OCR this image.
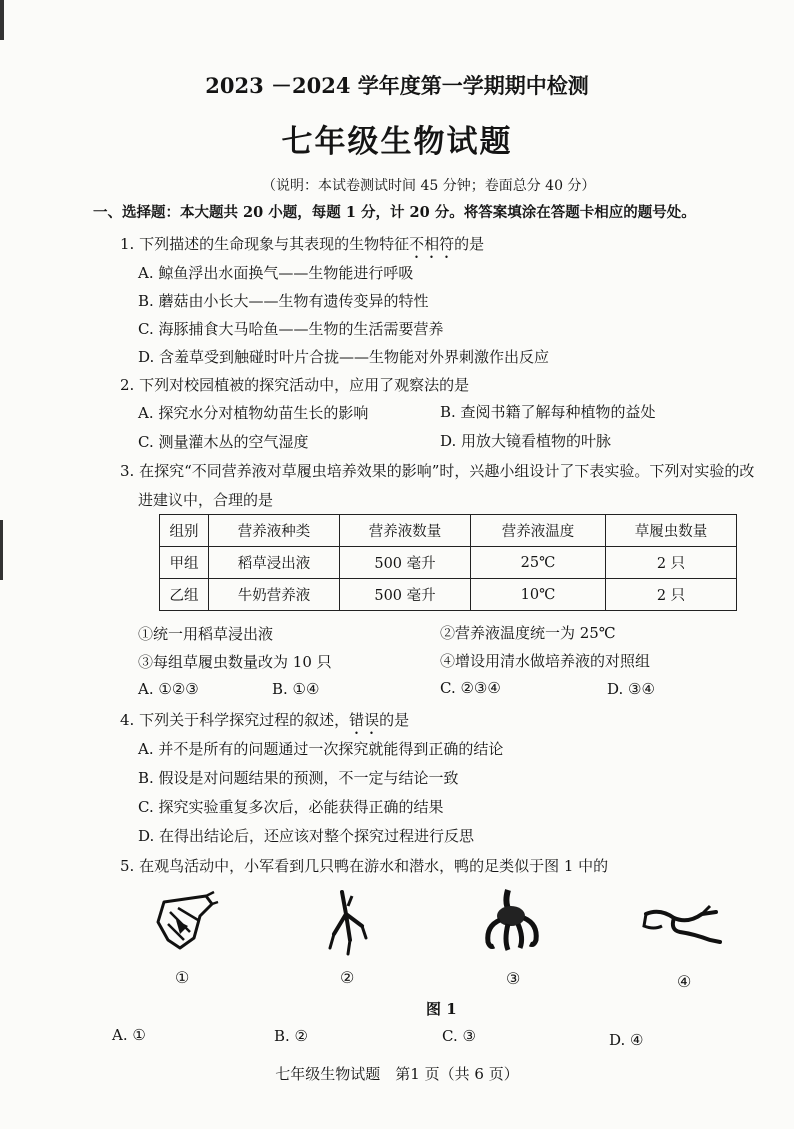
2023 －2024 学年度第一学期期中检测
七年级生物试题
（说明：本试卷测试时间 45 分钟；卷面总分 40 分）
一、选择题：本大题共 20 小题，每题 1 分，计 20 分。将答案填涂在答题卡相应的题号处。
1. 下列描述的生命现象与其表现的生物特征不相符的是
A. 鲸鱼浮出水面换气——生物能进行呼吸
B. 蘑菇由小长大——生物有遗传变异的特性
C. 海豚捕食大马哈鱼——生物的生活需要营养
D. 含羞草受到触碰时叶片合拢——生物能对外界刺激作出反应
2. 下列对校园植被的探究活动中，应用了观察法的是
A. 探究水分对植物幼苗生长的影响	B. 查阅书籍了解每种植物的益处
C. 测量灌木丛的空气湿度	D. 用放大镜看植物的叶脉
3. 在探究“不同营养液对草履虫培养效果的影响”时，兴趣小组设计了下表实验。下列对实验的改
进建议中，合理的是
组别	营养液种类	营养液数量	营养液温度	草履虫数量
甲组	稻草浸出液	500 毫升	25℃	2 只
乙组	牛奶营养液	500 毫升	10℃	2 只
①统一用稻草浸出液	②营养液温度统一为 25℃
③每组草履虫数量改为 10 只	④增设用清水做培养液的对照组
A. ①②③	B. ①④	C. ②③④	D. ③④
4. 下列关于科学探究过程的叙述，错误的是
A. 并不是所有的问题通过一次探究就能得到正确的结论
B. 假设是对问题结果的预测，不一定与结论一致
C. 探究实验重复多次后，必能获得正确的结果
D. 在得出结论后，还应该对整个探究过程进行反思
5. 在观鸟活动中，小军看到几只鸭在游水和潜水，鸭的足类似于图 1 中的
①	②	③	④
图 1
A. ①	B. ②	C. ③	D. ④
七年级生物试题　第1 页（共 6 页）
